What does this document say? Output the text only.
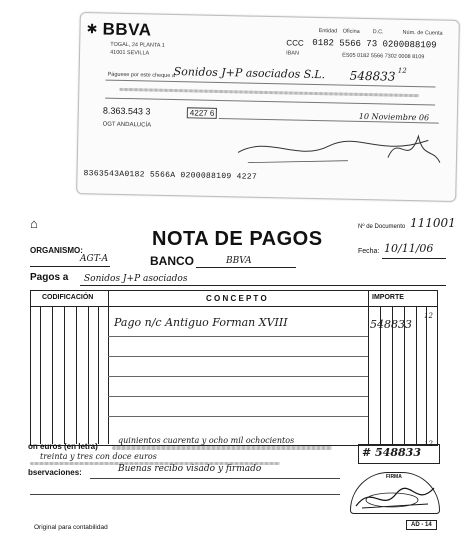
✱ BBVA
TOGAL, 24 PLANTA 1
41001 SEVILLA
Entidad Oficina D.C.	Núm. de Cuenta
CCC 0182 5566 73 0200088109
IBAN	ES05 0182 5566 7302 0008 8109
Páguese por este cheque a
Sonidos J+P asociados S.L. 548833 12
8.363.543 3	4227 6	10 Noviembre 06
OGT ANDALUCÍA
8363543A0182 5566A 0200088109 4227
⌂
NOTA DE PAGOS
Nº de Documento 111001
ORGANISMO:
AGT-A	BANCO	BBVA
Fecha: 10/11/06
Pagos a Sonidos J+P asociados
CODIFICACIÓN	C O N C E P T O	IMPORTE
Pago n/c Antiguo Forman XVIII	548833
12
on euros (en letra)
quinientos cuarenta y ocho mil ochocientos
treinta y tres con doce euros	# 548833
12
bservaciones:	Buenas recibo visado y firmado
FIRMA
Original para contabilidad	AD - 14
